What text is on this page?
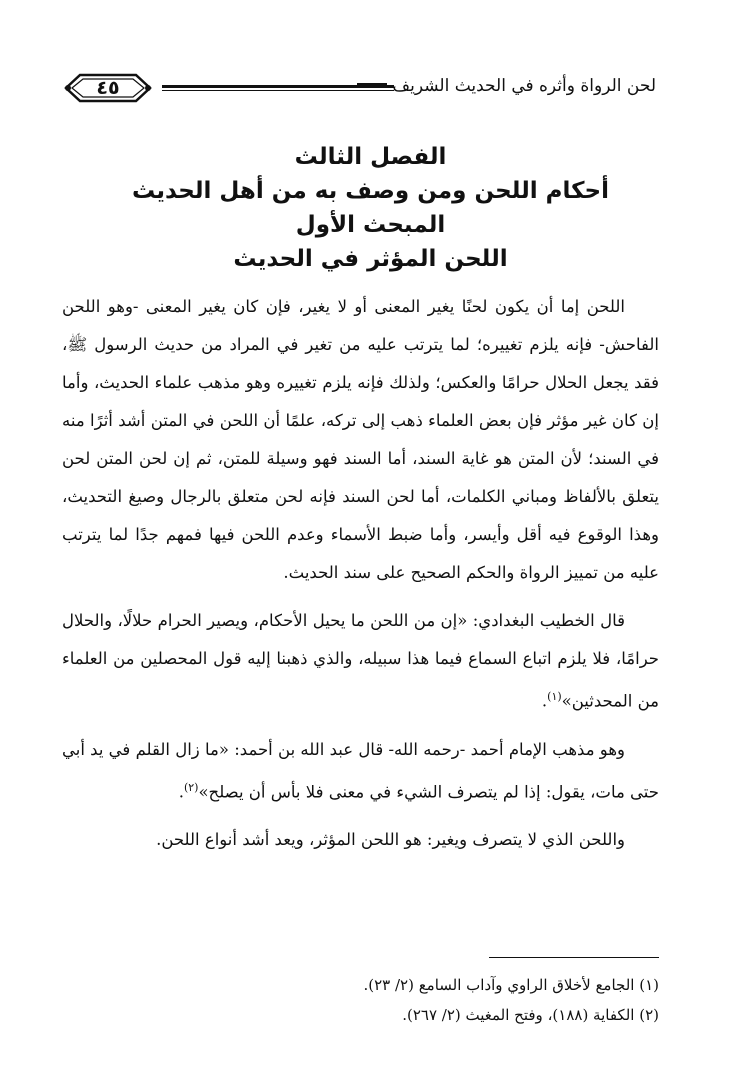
٤٥	لحن الرواة وأثره في الحديث الشريف
الفصل الثالث
أحكام اللحن ومن وصف به من أهل الحديث
المبحث الأول
اللحن المؤثر في الحديث

اللحن إما أن يكون لحنًا يغير المعنى أو لا يغير، فإن كان يغير المعنى -وهو اللحن الفاحش- فإنه يلزم تغييره؛ لما يترتب عليه من تغير في المراد من حديث الرسول ﷺ، فقد يجعل الحلال حرامًا والعكس؛ ولذلك فإنه يلزم تغييره وهو مذهب علماء الحديث، وأما إن كان غير مؤثر فإن بعض العلماء ذهب إلى تركه، علمًا أن اللحن في المتن أشد أثرًا منه في السند؛ لأن المتن هو غاية السند، أما السند فهو وسيلة للمتن، ثم إن لحن المتن لحن يتعلق بالألفاظ ومباني الكلمات، أما لحن السند فإنه لحن متعلق بالرجال وصيغ التحديث، وهذا الوقوع فيه أقل وأيسر، وأما ضبط الأسماء وعدم اللحن فيها فمهم جدًا لما يترتب عليه من تمييز الرواة والحكم الصحيح على سند الحديث.

قال الخطيب البغدادي: «إن من اللحن ما يحيل الأحكام، ويصير الحرام حلالًا، والحلال حرامًا، فلا يلزم اتباع السماع فيما هذا سبيله، والذي ذهبنا إليه قول المحصلين من العلماء من المحدثين»$^{(١)}$.

وهو مذهب الإمام أحمد -رحمه الله- قال عبد الله بن أحمد: «ما زال القلم في يد أبي حتى مات، يقول: إذا لم يتصرف الشيء في معنى فلا بأس أن يصلح»$^{(٢)}$.

واللحن الذي لا يتصرف ويغير: هو اللحن المؤثر، ويعد أشد أنواع اللحن.

(١) الجامع لأخلاق الراوي وآداب السامع (٢/ ٢٣).

(٢) الكفاية (١٨٨)، وفتح المغيث (٢/ ٢٦٧).
